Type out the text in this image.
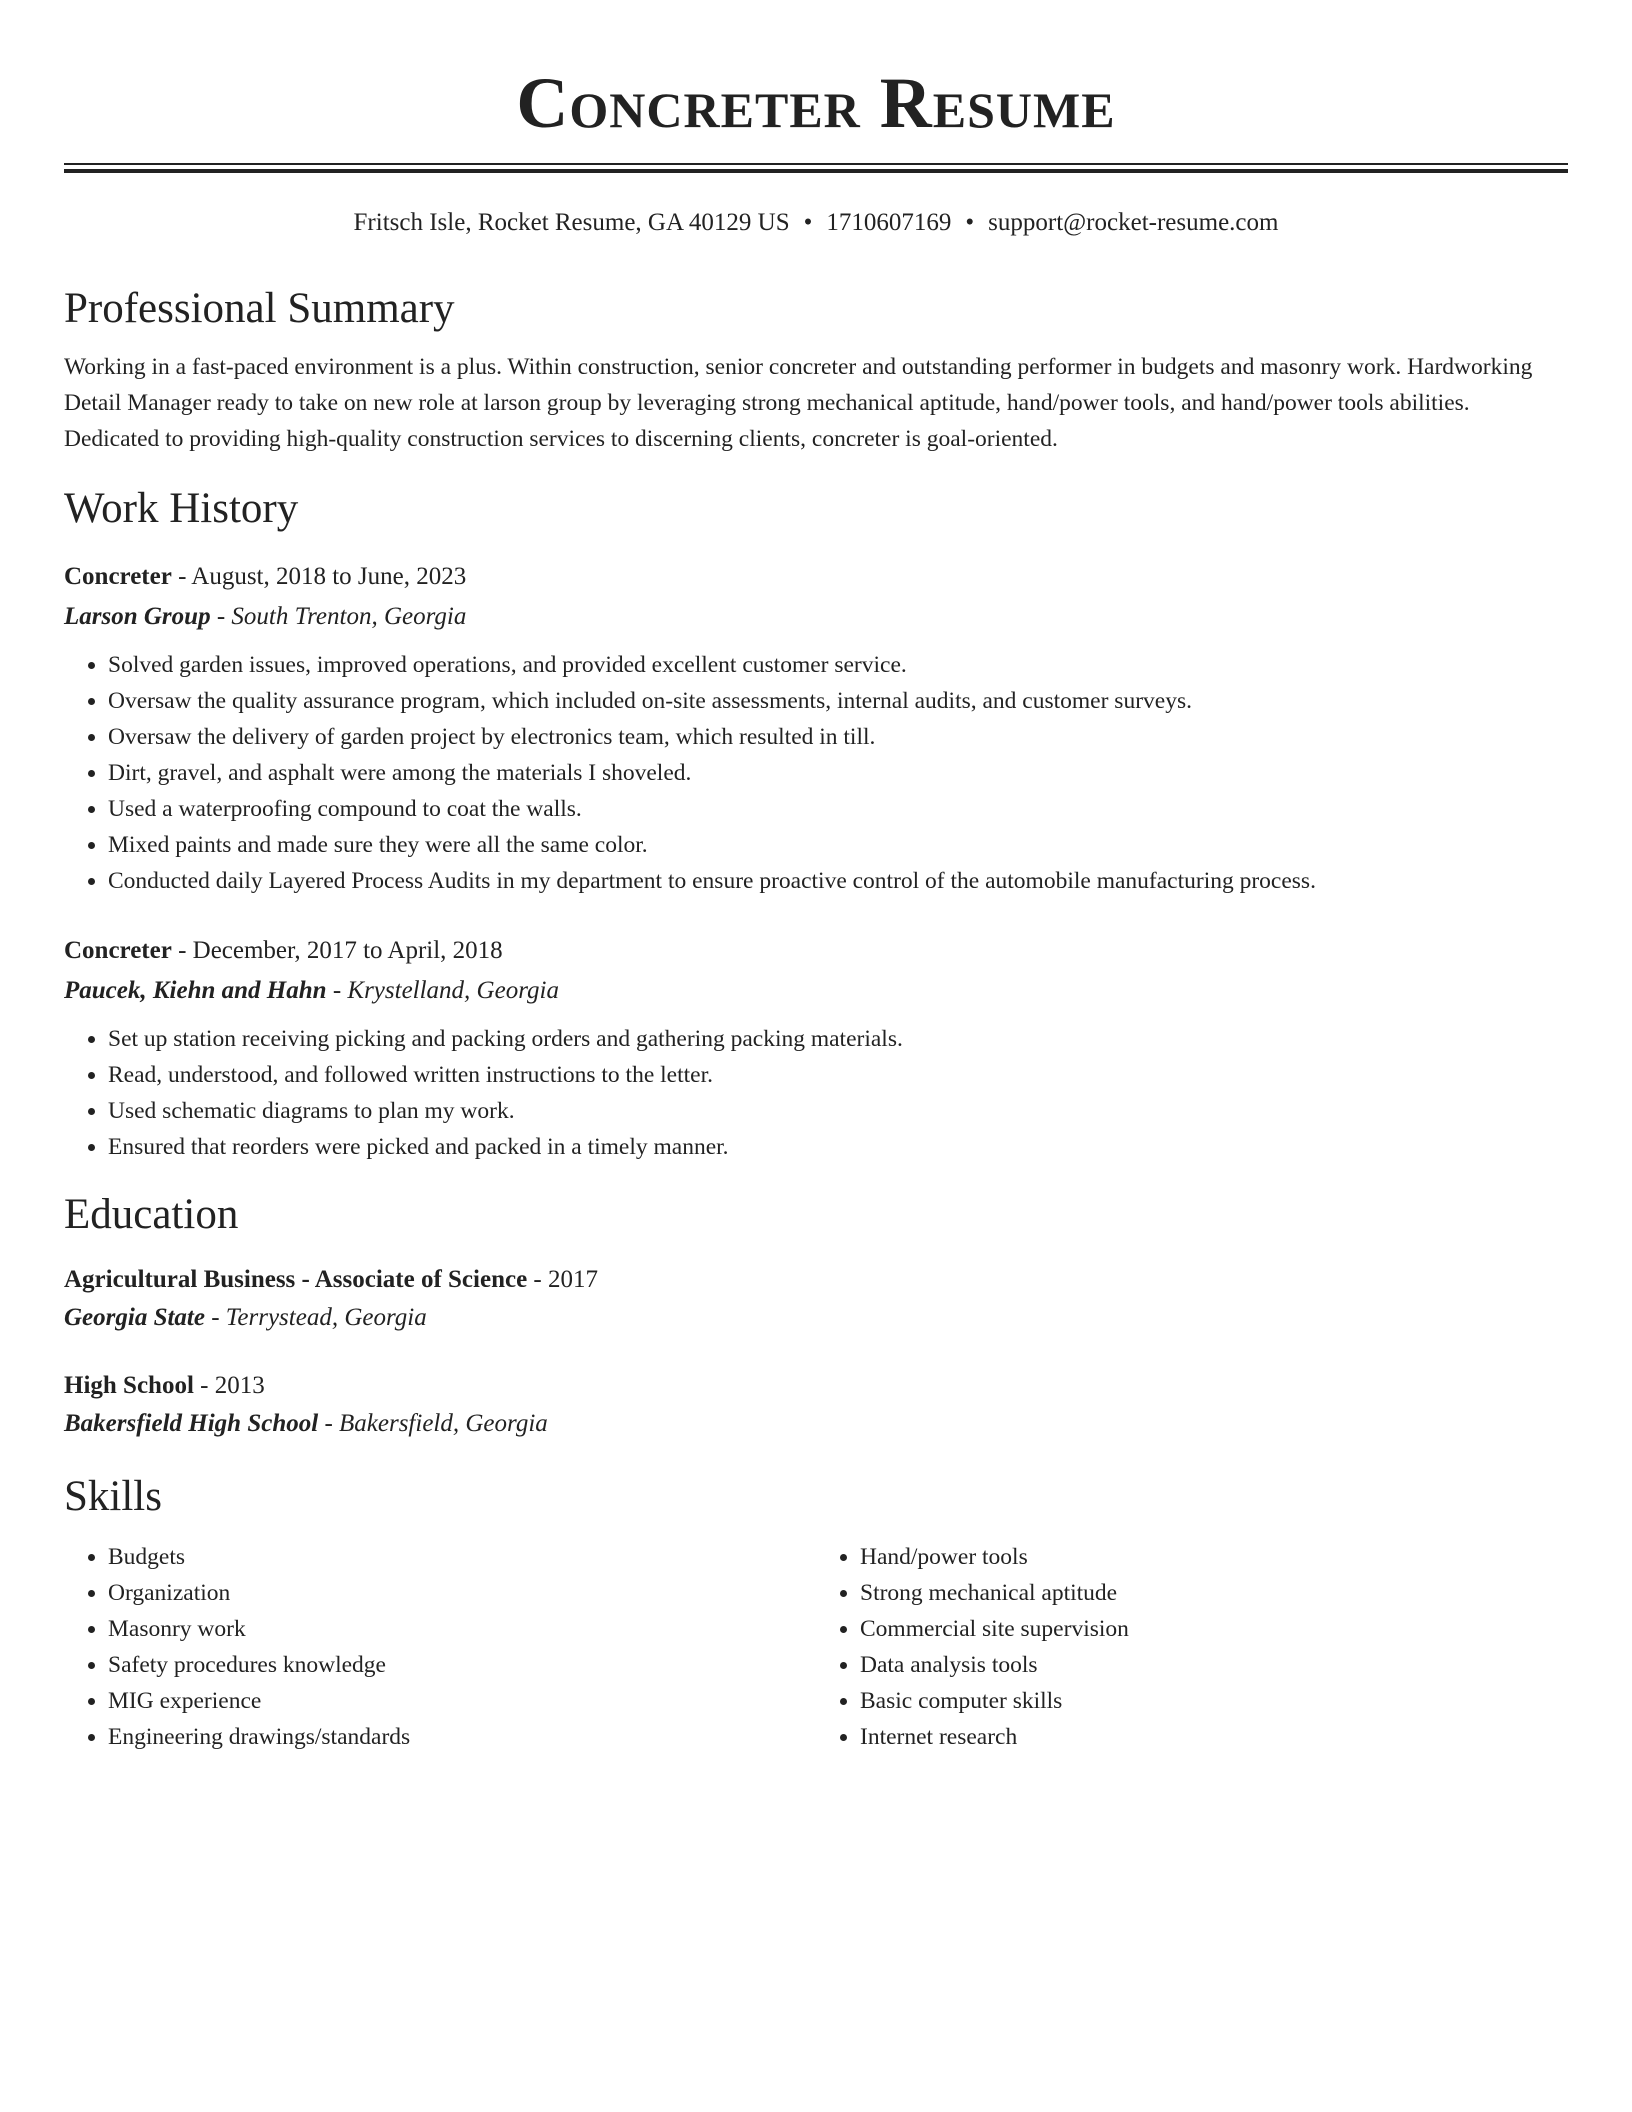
Concreter Resume
Fritsch Isle, Rocket Resume, GA 40129 US • 1710607169 • support@rocket-resume.com
Professional Summary

Working in a fast-paced environment is a plus. Within construction, senior concreter and outstanding performer in budgets and masonry work. Hardworking Detail Manager ready to take on new role at larson group by leveraging strong mechanical aptitude, hand/power tools, and hand/power tools abilities. Dedicated to providing high-quality construction services to discerning clients, concreter is goal-oriented.

Work History
Concreter - August, 2018 to June, 2023
Larson Group - South Trenton, Georgia
• Solved garden issues, improved operations, and provided excellent customer service.
• Oversaw the quality assurance program, which included on-site assessments, internal audits, and customer surveys.
• Oversaw the delivery of garden project by electronics team, which resulted in till.
• Dirt, gravel, and asphalt were among the materials I shoveled.
• Used a waterproofing compound to coat the walls.
• Mixed paints and made sure they were all the same color.
• Conducted daily Layered Process Audits in my department to ensure proactive control of the automobile manufacturing process.
Concreter - December, 2017 to April, 2018
Paucek, Kiehn and Hahn - Krystelland, Georgia
• Set up station receiving picking and packing orders and gathering packing materials.
• Read, understood, and followed written instructions to the letter.
• Used schematic diagrams to plan my work.
• Ensured that reorders were picked and packed in a timely manner.
Education
Agricultural Business - Associate of Science - 2017
Georgia State - Terrystead, Georgia
High School - 2013
Bakersfield High School - Bakersfield, Georgia
Skills
• Budgets
• Organization
• Masonry work
• Safety procedures knowledge
• MIG experience
• Engineering drawings/standards
• Hand/power tools
• Strong mechanical aptitude
• Commercial site supervision
• Data analysis tools
• Basic computer skills
• Internet research
